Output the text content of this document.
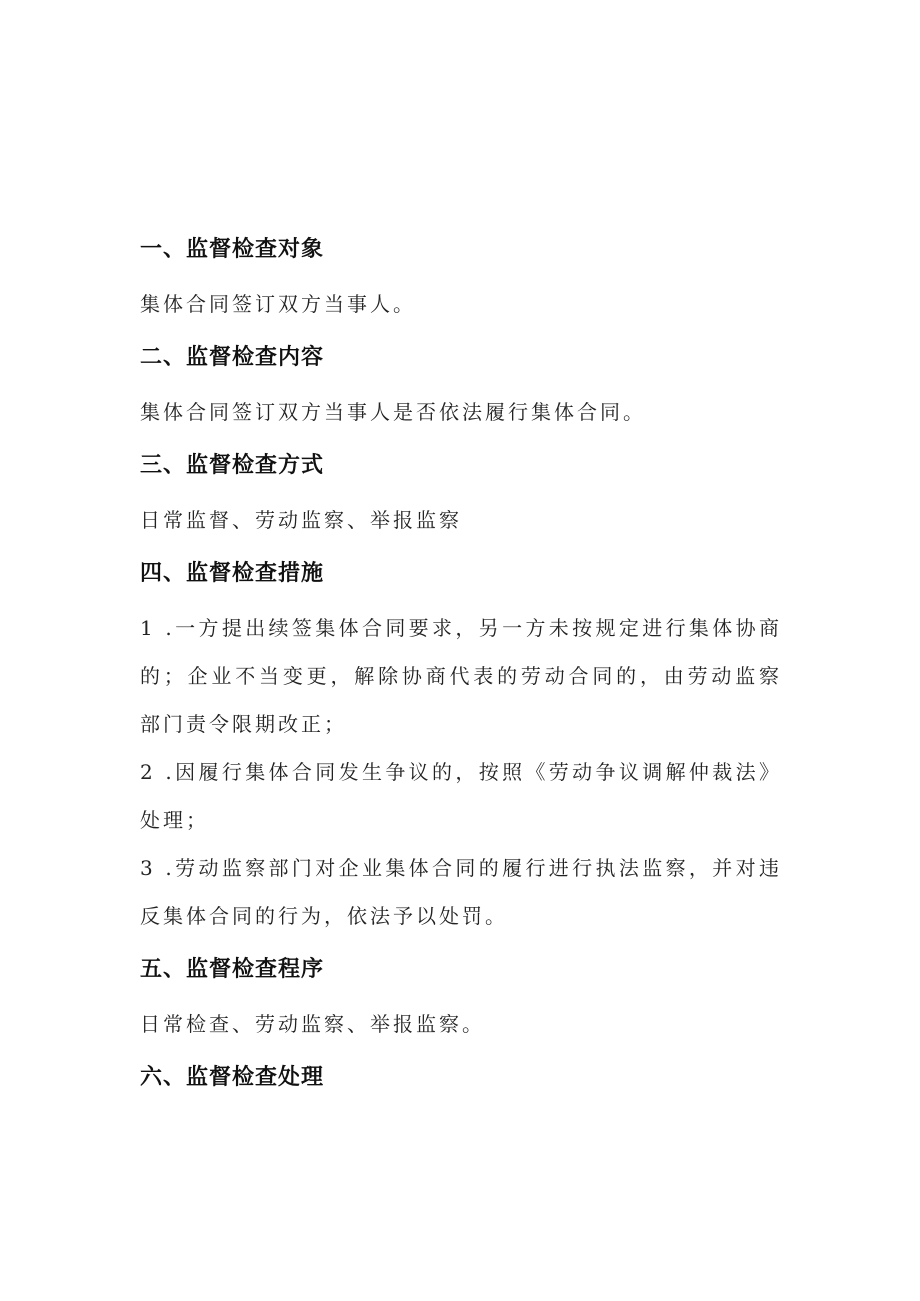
一、监督检查对象
集体合同签订双方当事人。
二、监督检查内容
集体合同签订双方当事人是否依法履行集体合同。
三、监督检查方式
日常监督、劳动监察、举报监察
四、监督检查措施
1 .一方提出续签集体合同要求，另一方未按规定进行集体协商的；企业不当变更，解除协商代表的劳动合同的，由劳动监察部门责令限期改正；
2 .因履行集体合同发生争议的，按照《劳动争议调解仲裁法》处理；
3 .劳动监察部门对企业集体合同的履行进行执法监察，并对违反集体合同的行为，依法予以处罚。
五、监督检查程序
日常检查、劳动监察、举报监察。
六、监督检查处理
